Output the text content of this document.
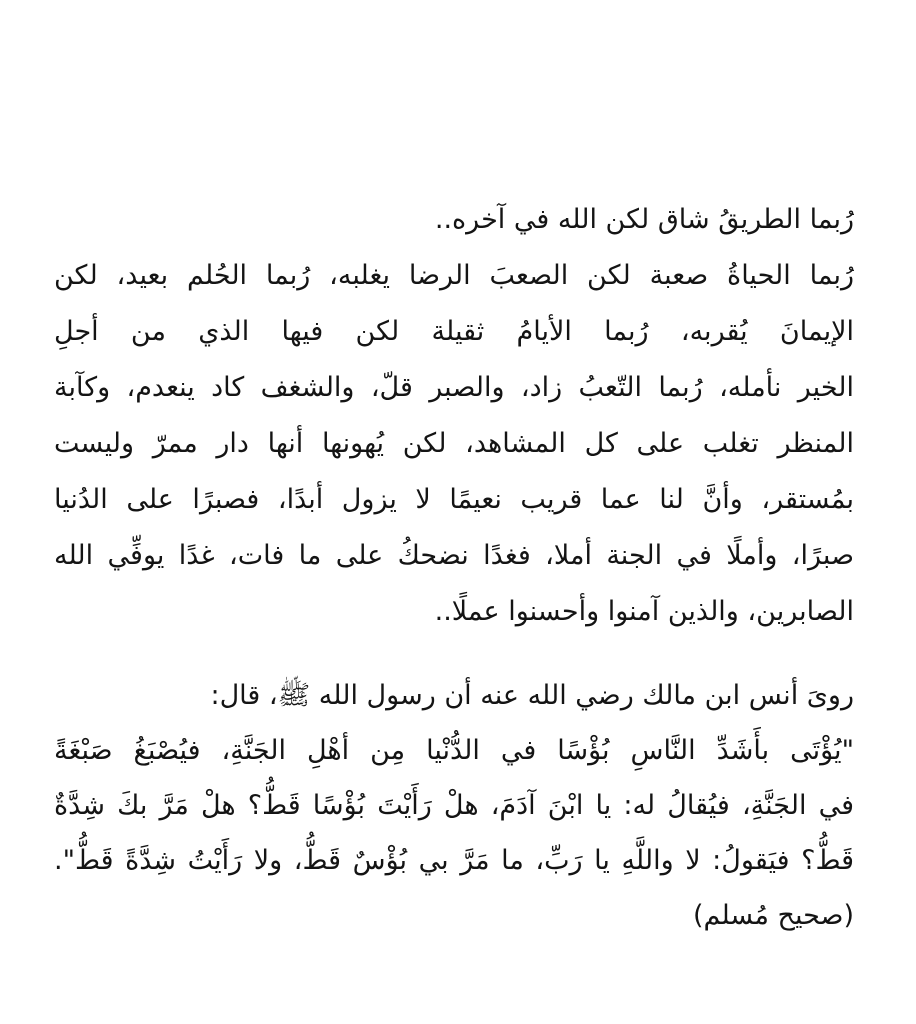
رُبما الطريقُ شاق لكن الله في آخره..
رُبما الحياةُ صعبة لكن الصعبَ الرضا يغلبه، رُبما الحُلم بعيد، لكن
الإيمانَ يُقربه، رُبما الأيامُ ثقيلة لكن فيها الذي من أجلِ
الخير نأمله، رُبما التّعبُ زاد، والصبر قلّ، والشغف كاد ينعدم، وكآبة
المنظر تغلب على كل المشاهد، لكن يُهونها أنها دار ممرّ وليست
بمُستقر، وأنَّ لنا عما قريب نعيمًا لا يزول أبدًا، فصبرًا على الدُنيا
صبرًا، وأملًا في الجنة أملا، فغدًا نضحكُ على ما فات، غدًا يوفِّي الله
الصابرين، والذين آمنوا وأحسنوا عملًا..
روىَ أنس ابن مالك رضي الله عنه أن رسول الله ﷺ، قال:
"يُؤْتَى بأَشَدِّ النَّاسِ بُؤْسًا في الدُّنْيا مِن أهْلِ الجَنَّةِ، فيُصْبَغُ صَبْغَةً
في الجَنَّةِ، فيُقالُ له: يا ابْنَ آدَمَ، هلْ رَأَيْتَ بُؤْسًا قَطُّ؟ هلْ مَرَّ بكَ شِدَّةٌ
قَطُّ؟ فيَقولُ: لا واللَّهِ يا رَبِّ، ما مَرَّ بي بُؤْسٌ قَطُّ، ولا رَأَيْتُ شِدَّةً قَطُّ".
(صحيح مُسلم)
